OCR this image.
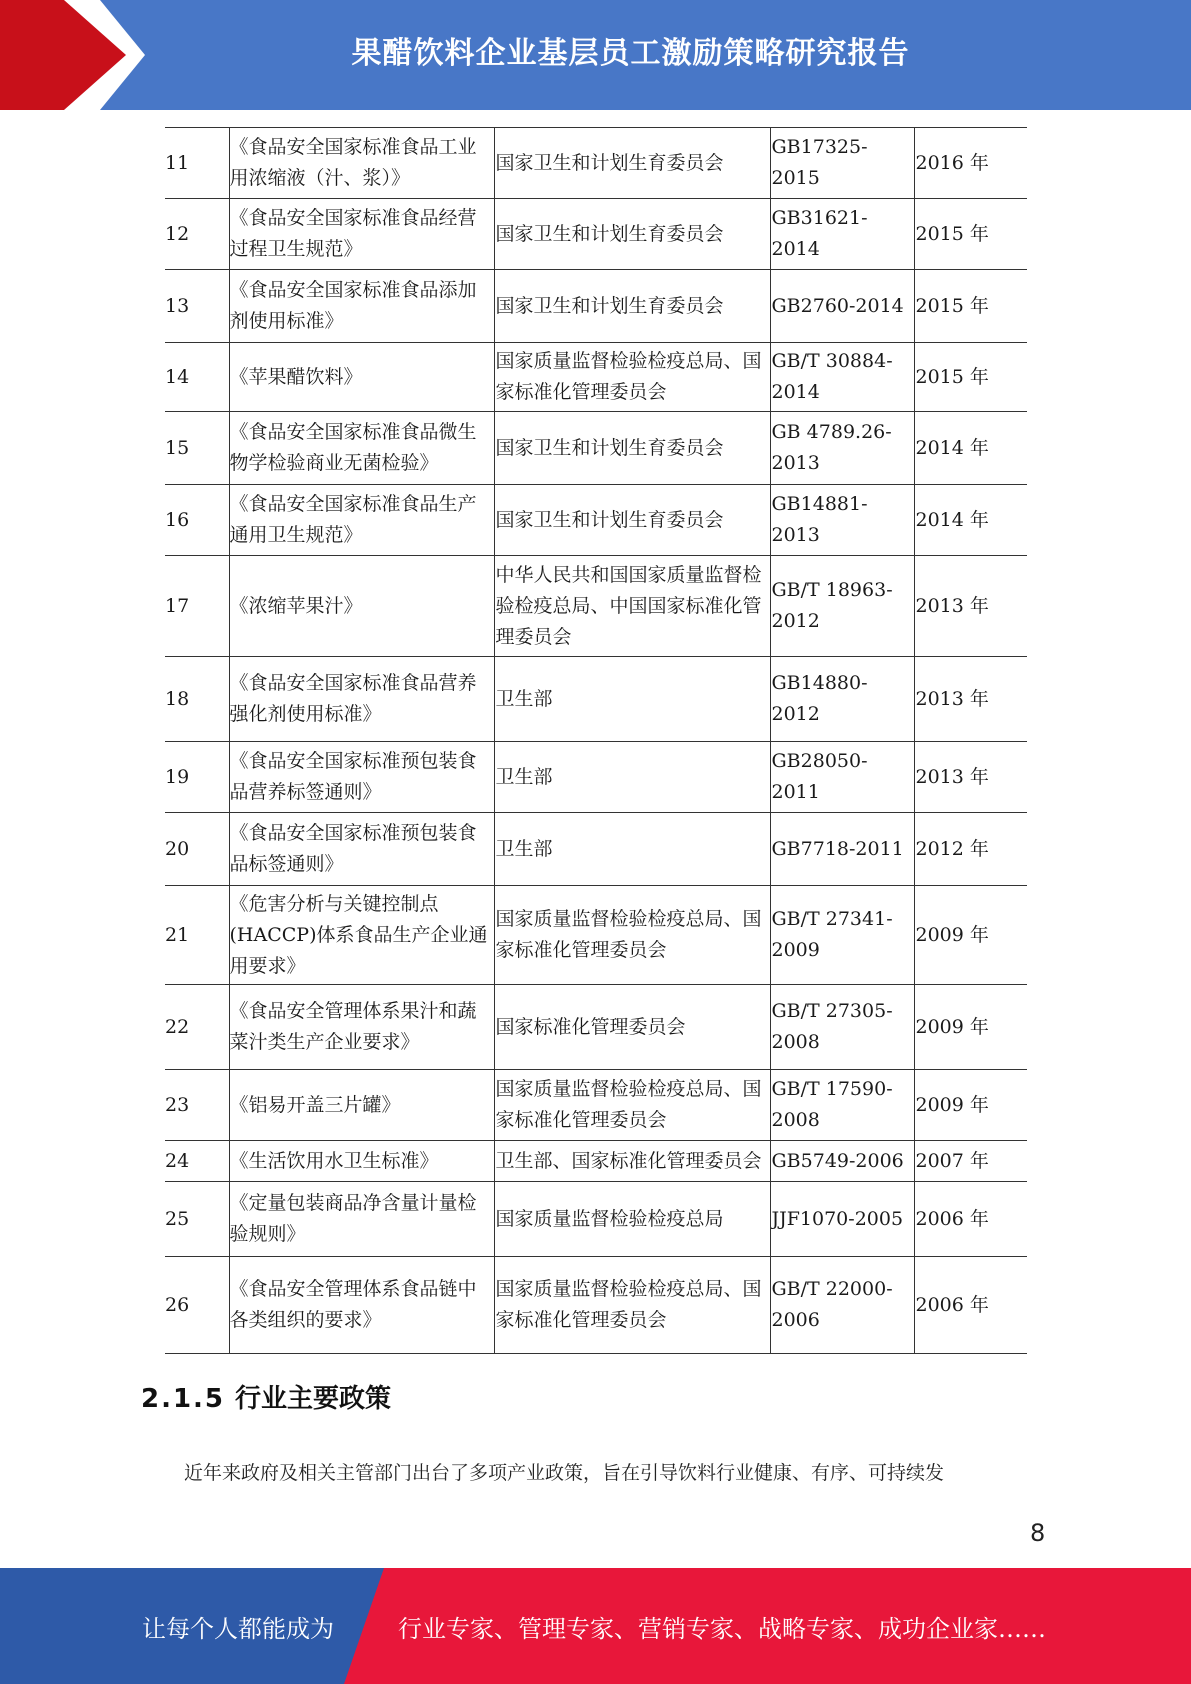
果醋饮料企业基层员工激励策略研究报告
11	《食品安全国家标准食品工业用浓缩液（汁、浆）》	国家卫生和计划生育委员会	GB17325-2015	2016 年

12	《食品安全国家标准食品经营过程卫生规范》	国家卫生和计划生育委员会	GB31621-2014	2015 年

13	《食品安全国家标准食品添加剂使用标准》	国家卫生和计划生育委员会	GB2760-2014	2015 年

14	《苹果醋饮料》	国家质量监督检验检疫总局、国家标准化管理委员会	GB/T 30884-2014	2015 年

15	《食品安全国家标准食品微生物学检验商业无菌检验》	国家卫生和计划生育委员会	GB 4789.26-2013	2014 年

16	《食品安全国家标准食品生产通用卫生规范》	国家卫生和计划生育委员会	GB14881-2013	2014 年

17	《浓缩苹果汁》	中华人民共和国国家质量监督检验检疫总局、中国国家标准化管理委员会	GB/T 18963-2012	2013 年

18	《食品安全国家标准食品营养强化剂使用标准》	卫生部	GB14880-2012	2013 年

19	《食品安全国家标准预包装食品营养标签通则》	卫生部	GB28050-2011	2013 年

20	《食品安全国家标准预包装食品标签通则》	卫生部	GB7718-2011	2012 年

21	《危害分析与关键控制点(HACCP)体系食品生产企业通用要求》	国家质量监督检验检疫总局、国家标准化管理委员会	GB/T 27341-2009	2009 年

22	《食品安全管理体系果汁和蔬菜汁类生产企业要求》	国家标准化管理委员会	GB/T 27305-2008	2009 年

23	《铝易开盖三片罐》	国家质量监督检验检疫总局、国家标准化管理委员会	GB/T 17590-2008	2009 年

24	《生活饮用水卫生标准》	卫生部、国家标准化管理委员会	GB5749-2006	2007 年

25	《定量包装商品净含量计量检验规则》	国家质量监督检验检疫总局	JJF1070-2005	2006 年

26	《食品安全管理体系食品链中各类组织的要求》	国家质量监督检验检疫总局、国家标准化管理委员会	GB/T 22000-2006	2006 年
2.1.5 行业主要政策
近年来政府及相关主管部门出台了多项产业政策，旨在引导饮料行业健康、有序、可持续发
8
让每个人都能成为	行业专家、管理专家、营销专家、战略专家、成功企业家……
